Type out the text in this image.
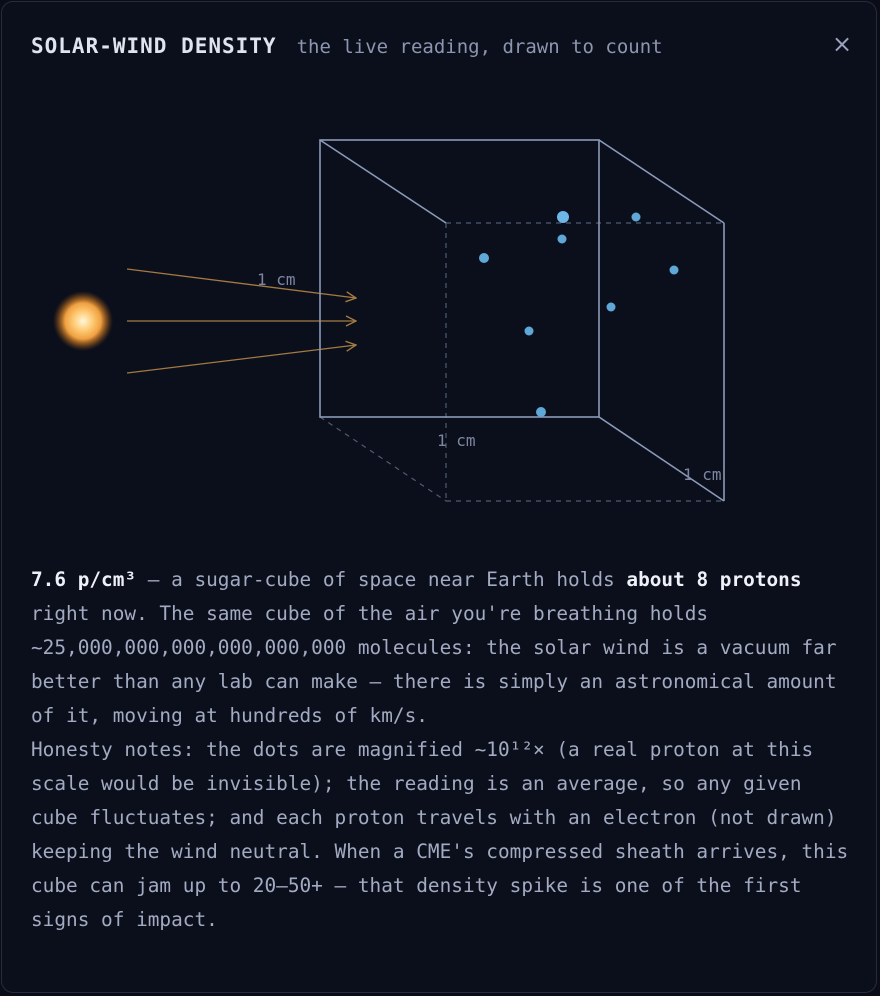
SOLAR-WIND DENSITY the live reading, drawn to count	×
1 cm
1 cm
1 cm

7.6 p/cm³ — a sugar-cube of space near Earth holds about 8 protons right now. The same cube of the air you're breathing holds ~25,000,000,000,000,000,000 molecules: the solar wind is a vacuum far better than any lab can make — there is simply an astronomical amount of it, moving at hundreds of km/s.

Honesty notes: the dots are magnified ~10¹²× (a real proton at this scale would be invisible); the reading is an average, so any given cube fluctuates; and each proton travels with an electron (not drawn) keeping the wind neutral. When a CME's compressed sheath arrives, this cube can jam up to 20–50+ — that density spike is one of the first signs of impact.
